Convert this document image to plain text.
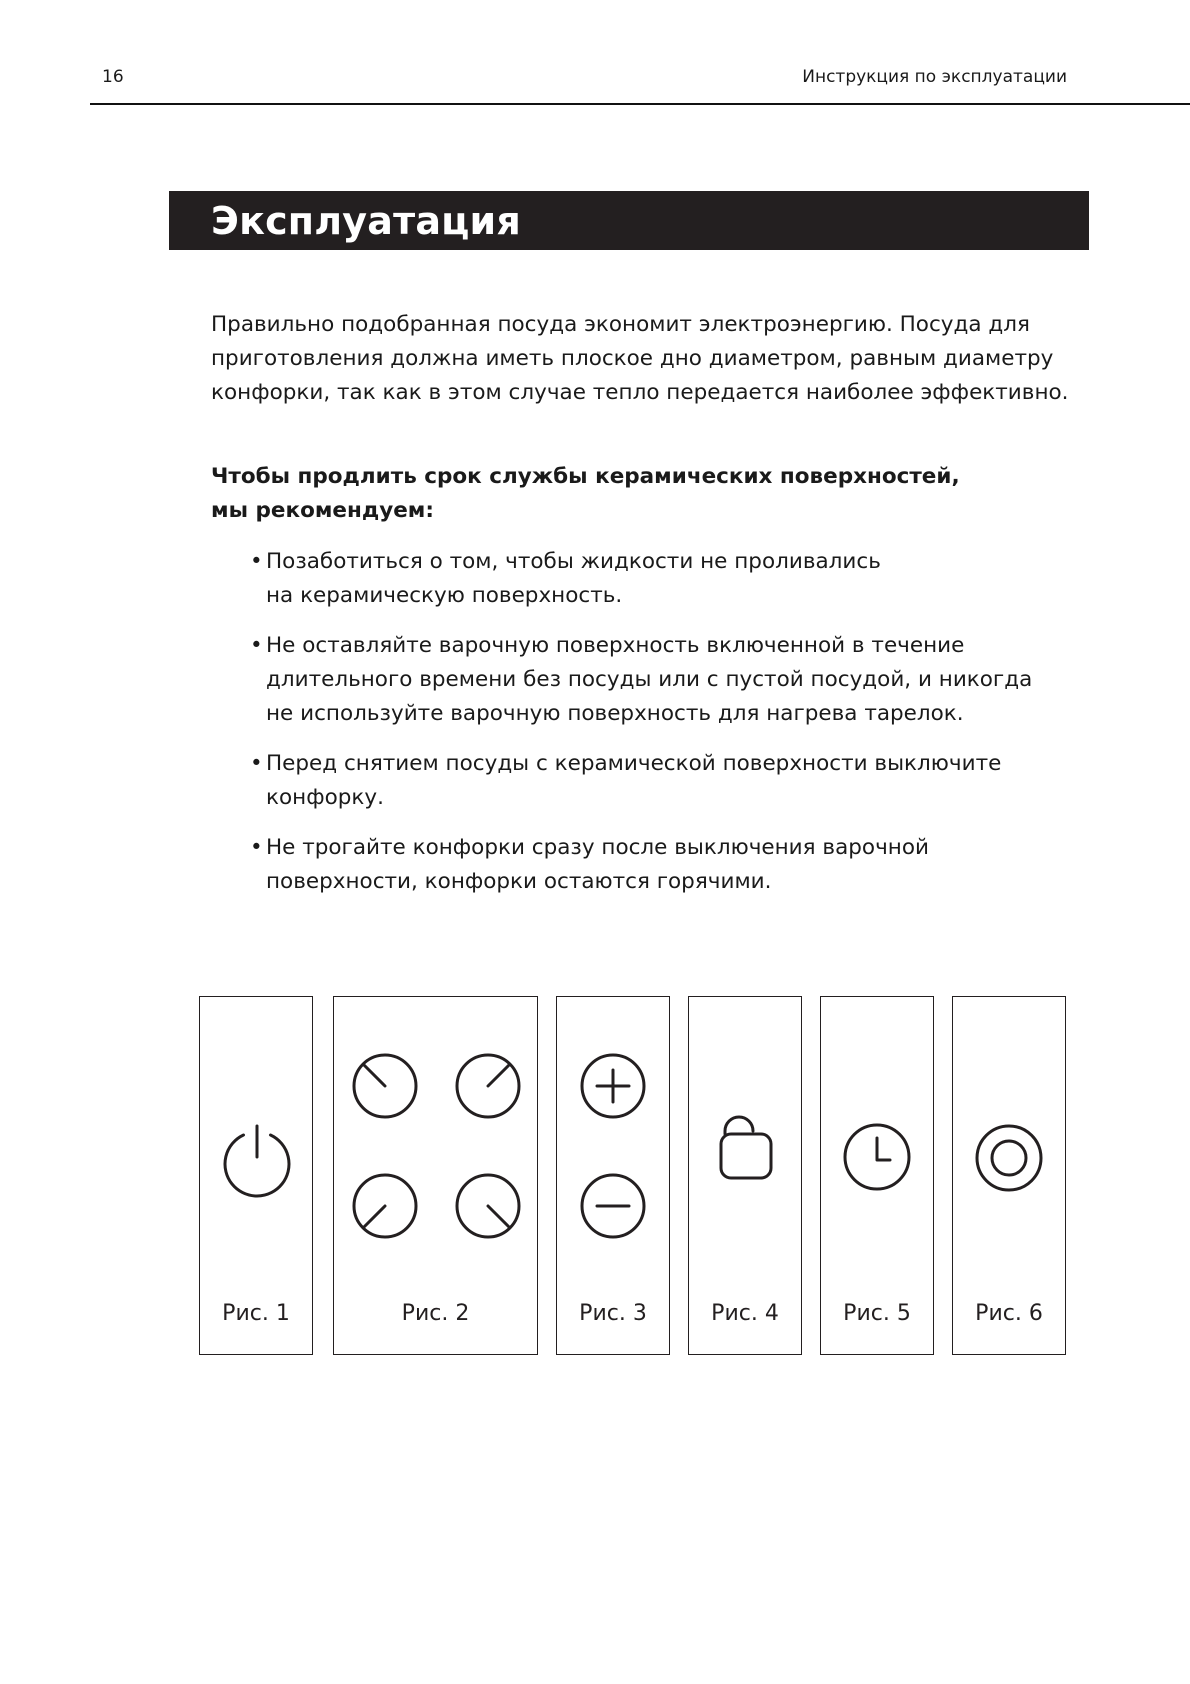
16	Инструкция по эксплуатации
Эксплуатация

Правильно подобранная посуда экономит электроэнергию. Посуда для
приготовления должна иметь плоское дно диаметром, равным диаметру
конфорки, так как в этом случае тепло передается наиболее эффективно.

Чтобы продлить срок службы керамических поверхностей,
мы рекомендуем:

• Позаботиться о том, чтобы жидкости не проливались
на керамическую поверхность.
• Не оставляйте варочную поверхность включенной в течение
длительного времени без посуды или с пустой посудой, и никогда
не используйте варочную поверхность для нагрева тарелок.
• Перед снятием посуды с керамической поверхности выключите
конфорку.
• Не трогайте конфорки сразу после выключения варочной
поверхности, конфорки остаются горячими.
Рис. 1	Рис. 2	Рис. 3	Рис. 4	Рис. 5	Рис. 6
